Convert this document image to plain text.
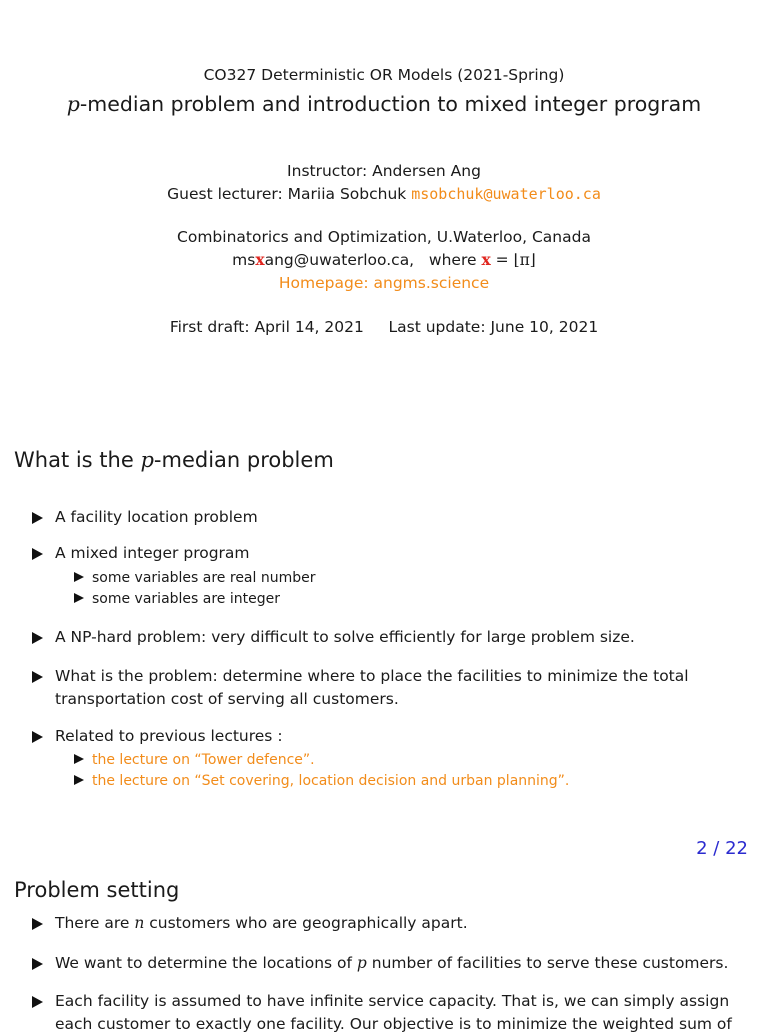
CO327 Deterministic OR Models (2021-Spring)
p-median problem and introduction to mixed integer program
Instructor: Andersen Ang
Guest lecturer: Mariia Sobchuk msobchuk@uwaterloo.ca
Combinatorics and Optimization, U.Waterloo, Canada
msxang@uwaterloo.ca, where x = ⌊π⌋
Homepage: angms.science
First draft: April 14, 2021 Last update: June 10, 2021
What is the p-median problem
A facility location problem
A mixed integer program
some variables are real number
some variables are integer
A NP-hard problem: very difficult to solve efficiently for large problem size.
What is the problem: determine where to place the facilities to minimize the total transportation cost of serving all customers.
Related to previous lectures :
the lecture on “Tower defence”.
the lecture on “Set covering, location decision and urban planning”.
2 / 22
Problem setting
There are n customers who are geographically apart.
We want to determine the locations of p number of facilities to serve these customers.
Each facility is assumed to have infinite service capacity. That is, we can simply assign each customer to exactly one facility. Our objective is to minimize the weighted sum of
